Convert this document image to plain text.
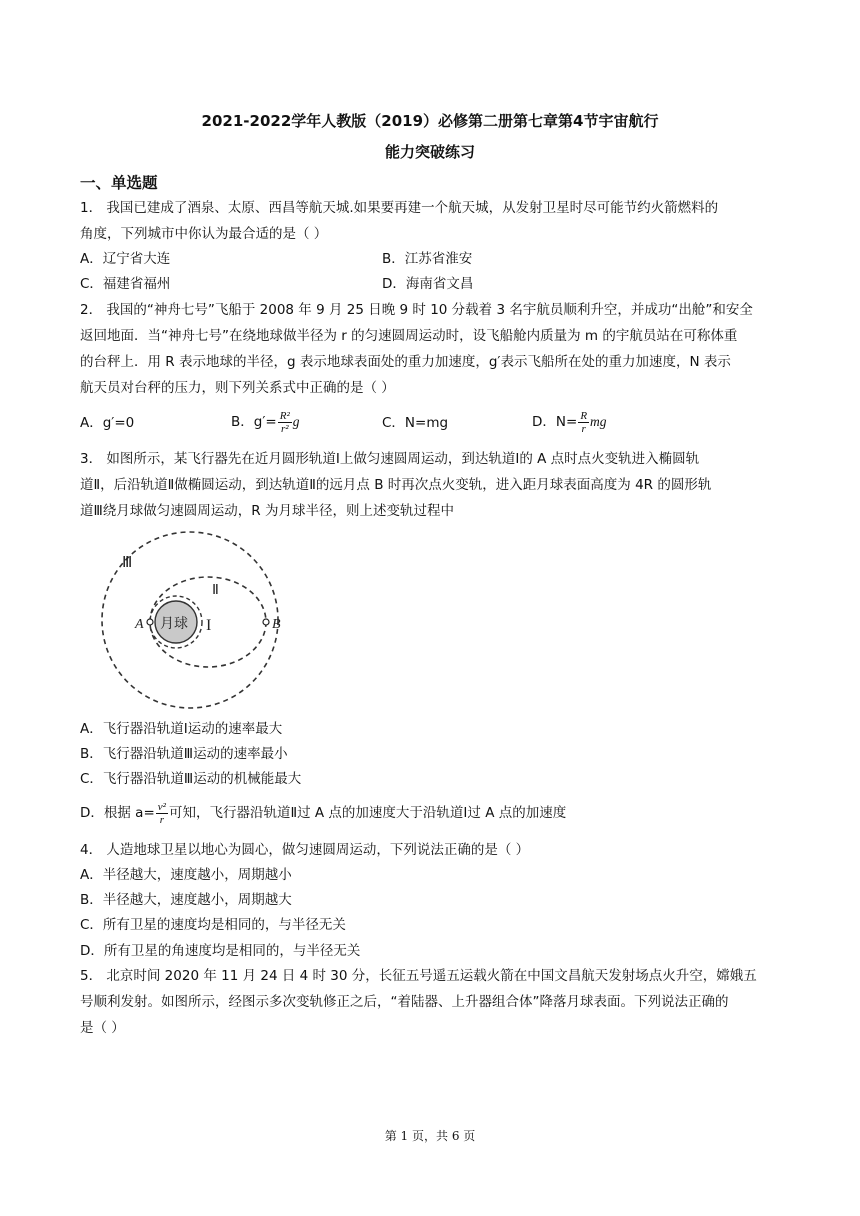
2021-2022学年人教版（2019）必修第二册第七章第4节宇宙航行
能力突破练习
一、单选题
1． 我国已建成了酒泉、太原、西昌等航天城.如果要再建一个航天城，从发射卫星时尽可能节约火箭燃料的
角度，下列城市中你认为最合适的是（ ）
A．辽宁省大连	B．江苏省淮安
C．福建省福州	D．海南省文昌
2． 我国的“神舟七号”飞船于 2008 年 9 月 25 日晚 9 时 10 分载着 3 名宇航员顺利升空，并成功“出舱”和安全
返回地面．当“神舟七号”在绕地球做半径为 r 的匀速圆周运动时，设飞船舱内质量为 m 的宇航员站在可称体重
的台秤上．用 R 表示地球的半径，g 表示地球表面处的重力加速度，g′表示飞船所在处的重力加速度，N 表示
航天员对台秤的压力，则下列关系式中正确的是（ ）
A．g′=0	B．$g'= \frac{\text{R²}}{\text{r²}}$ g	C．N=mg	D．$N= \frac{R}{r}$ mg
3． 如图所示，某飞行器先在近月圆形轨道Ⅰ上做匀速圆周运动，到达轨道Ⅰ的 A 点时点火变轨进入椭圆轨
道Ⅱ，后沿轨道Ⅱ做椭圆运动，到达轨道Ⅱ的远月点 B 时再次点火变轨，进入距月球表面高度为 4R 的圆形轨
道Ⅲ绕月球做匀速圆周运动，R 为月球半径，则上述变轨过程中
Ⅲ
Ⅱ
I
月球
A	B
A．飞行器沿轨道Ⅰ运动的速率最大
B．飞行器沿轨道Ⅲ运动的速率最小
C．飞行器沿轨道Ⅲ运动的机械能最大
D．根据 $a= \frac{\text{v²}}{r}$ 可知，飞行器沿轨道Ⅱ过 A 点的加速度大于沿轨道Ⅰ过 A 点的加速度
4． 人造地球卫星以地心为圆心，做匀速圆周运动，下列说法正确的是（ ）
A．半径越大，速度越小，周期越小
B．半径越大，速度越小，周期越大
C．所有卫星的速度均是相同的，与半径无关
D．所有卫星的角速度均是相同的，与半径无关
5． 北京时间 2020 年 11 月 24 日 4 时 30 分，长征五号遥五运载火箭在中国文昌航天发射场点火升空，嫦娥五
号顺利发射。如图所示，经图示多次变轨修正之后，“着陆器、上升器组合体”降落月球表面。下列说法正确的
是（ ）
第 1 页，共 6 页
